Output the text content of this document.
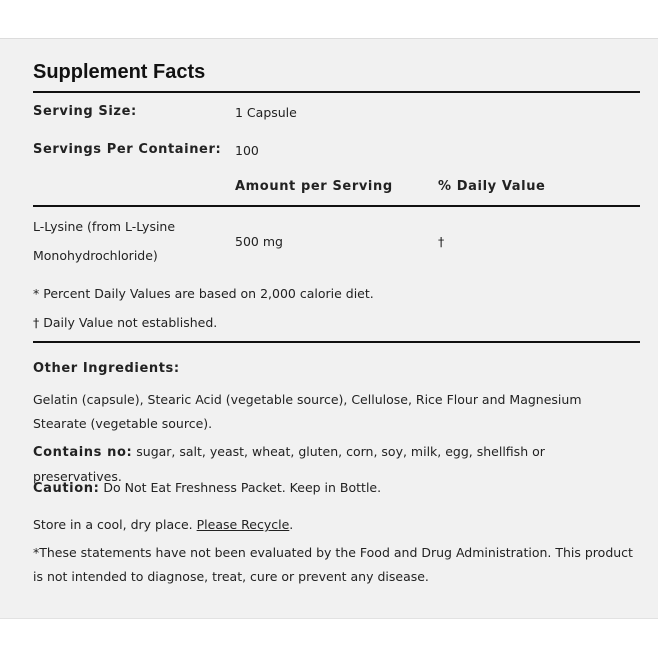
Supplement Facts
Serving Size:	1 Capsule
Servings Per Container: 100
Amount per Serving	% Daily Value
L-Lysine (from L-Lysine
Monohydrochloride)
500 mg	†
* Percent Daily Values are based on 2,000 calorie diet.
† Daily Value not established.
Other Ingredients:
Gelatin (capsule), Stearic Acid (vegetable source), Cellulose, Rice Flour and Magnesium Stearate (vegetable source).
Contains no: sugar, salt, yeast, wheat, gluten, corn, soy, milk, egg, shellfish or preservatives.
Caution: Do Not Eat Freshness Packet. Keep in Bottle.
Store in a cool, dry place. Please Recycle.
*These statements have not been evaluated by the Food and Drug Administration. This product is not intended to diagnose, treat, cure or prevent any disease.
